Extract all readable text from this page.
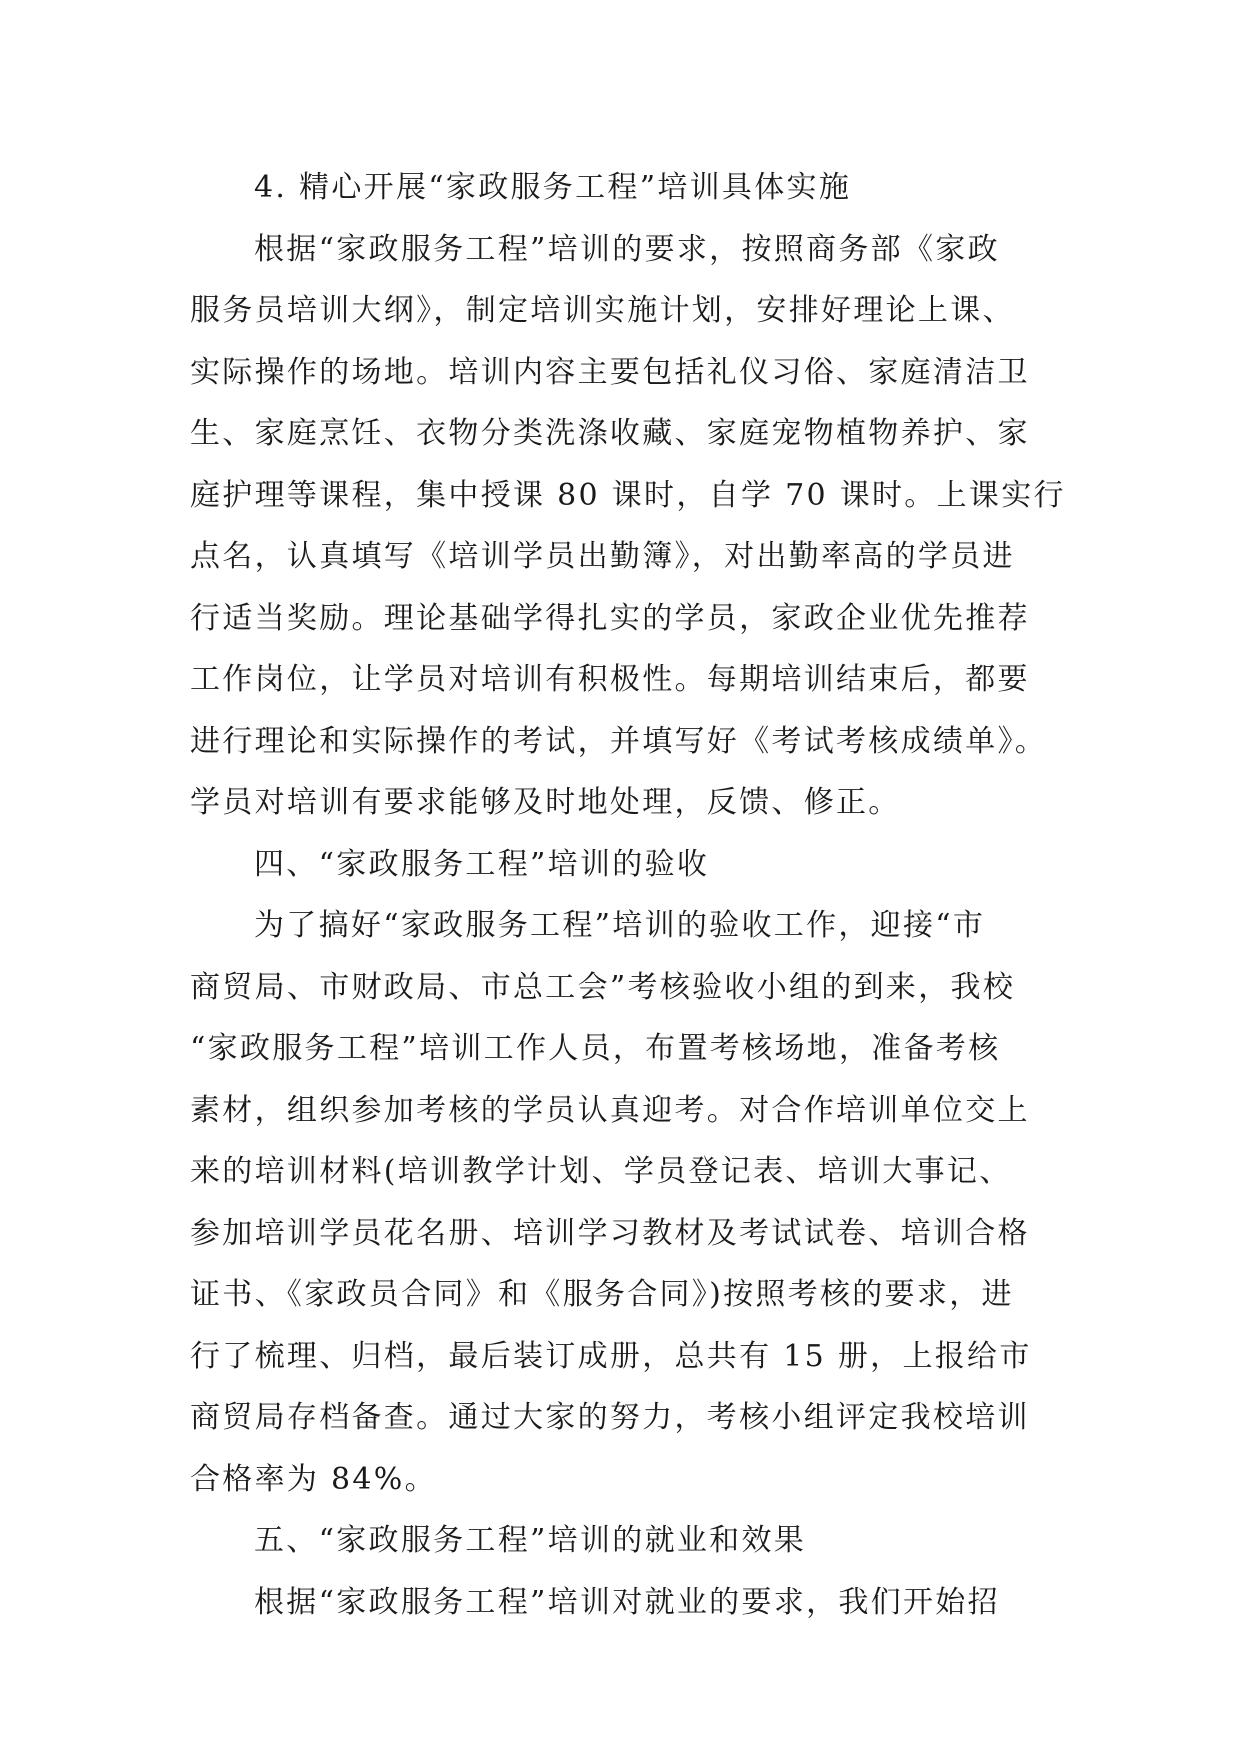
4. 精心开展“家政服务工程”培训具体实施
根据“家政服务工程”培训的要求，按照商务部《家政
服务员培训大纲》，制定培训实施计划，安排好理论上课、
实际操作的场地。培训内容主要包括礼仪习俗、家庭清洁卫
生、家庭烹饪、衣物分类洗涤收藏、家庭宠物植物养护、家
庭护理等课程，集中授课 80 课时，自学 70 课时。上课实行
点名，认真填写《培训学员出勤簿》，对出勤率高的学员进
行适当奖励。理论基础学得扎实的学员，家政企业优先推荐
工作岗位，让学员对培训有积极性。每期培训结束后，都要
进行理论和实际操作的考试，并填写好《考试考核成绩单》。
学员对培训有要求能够及时地处理，反馈、修正。
四、“家政服务工程”培训的验收
为了搞好“家政服务工程”培训的验收工作，迎接“市
商贸局、市财政局、市总工会”考核验收小组的到来，我校
“家政服务工程”培训工作人员，布置考核场地，准备考核
素材，组织参加考核的学员认真迎考。对合作培训单位交上
来的培训材料(培训教学计划、学员登记表、培训大事记、
参加培训学员花名册、培训学习教材及考试试卷、培训合格
证书、《家政员合同》和《服务合同》)按照考核的要求，进
行了梳理、归档，最后装订成册，总共有 15 册，上报给市
商贸局存档备查。通过大家的努力，考核小组评定我校培训
合格率为 84%。
五、“家政服务工程”培训的就业和效果
根据“家政服务工程”培训对就业的要求，我们开始招
